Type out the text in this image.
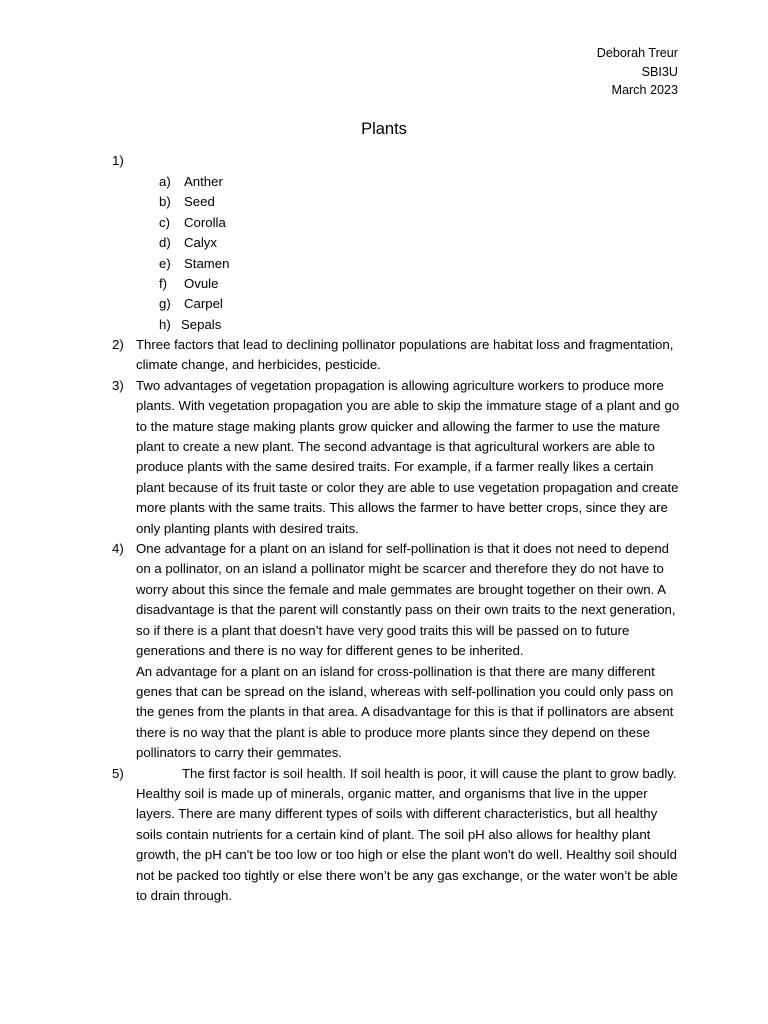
Deborah Treur
SBI3U
March 2023
Plants
1)
a) Anther
b) Seed
c) Corolla
d) Calyx
e) Stamen
f) Ovule
g) Carpel
h) Sepals
2) Three factors that lead to declining pollinator populations are habitat loss and fragmentation, climate change, and herbicides, pesticide.

3) Two advantages of vegetation propagation is allowing agriculture workers to produce more plants. With vegetation propagation you are able to skip the immature stage of a plant and go to the mature stage making plants grow quicker and allowing the farmer to use the mature plant to create a new plant. The second advantage is that agricultural workers are able to produce plants with the same desired traits. For example, if a farmer really likes a certain plant because of its fruit taste or color they are able to use vegetation propagation and create more plants with the same traits. This allows the farmer to have better crops, since they are only planting plants with desired traits.

4) One advantage for a plant on an island for self-pollination is that it does not need to depend on a pollinator, on an island a pollinator might be scarcer and therefore they do not have to worry about this since the female and male gemmates are brought together on their own. A disadvantage is that the parent will constantly pass on their own traits to the next generation, so if there is a plant that doesn’t have very good traits this will be passed on to future generations and there is no way for different genes to be inherited.

An advantage for a plant on an island for cross-pollination is that there are many different genes that can be spread on the island, whereas with self-pollination you could only pass on the genes from the plants in that area. A disadvantage for this is that if pollinators are absent there is no way that the plant is able to produce more plants since they depend on these pollinators to carry their gemmates.

5)	The first factor is soil health. If soil health is poor, it will cause the plant to grow badly. Healthy soil is made up of minerals, organic matter, and organisms that live in the upper layers. There are many different types of soils with different characteristics, but all healthy soils contain nutrients for a certain kind of plant. The soil pH also allows for healthy plant growth, the pH can't be too low or too high or else the plant won't do well. Healthy soil should not be packed too tightly or else there won’t be any gas exchange, or the water won’t be able to drain through.
